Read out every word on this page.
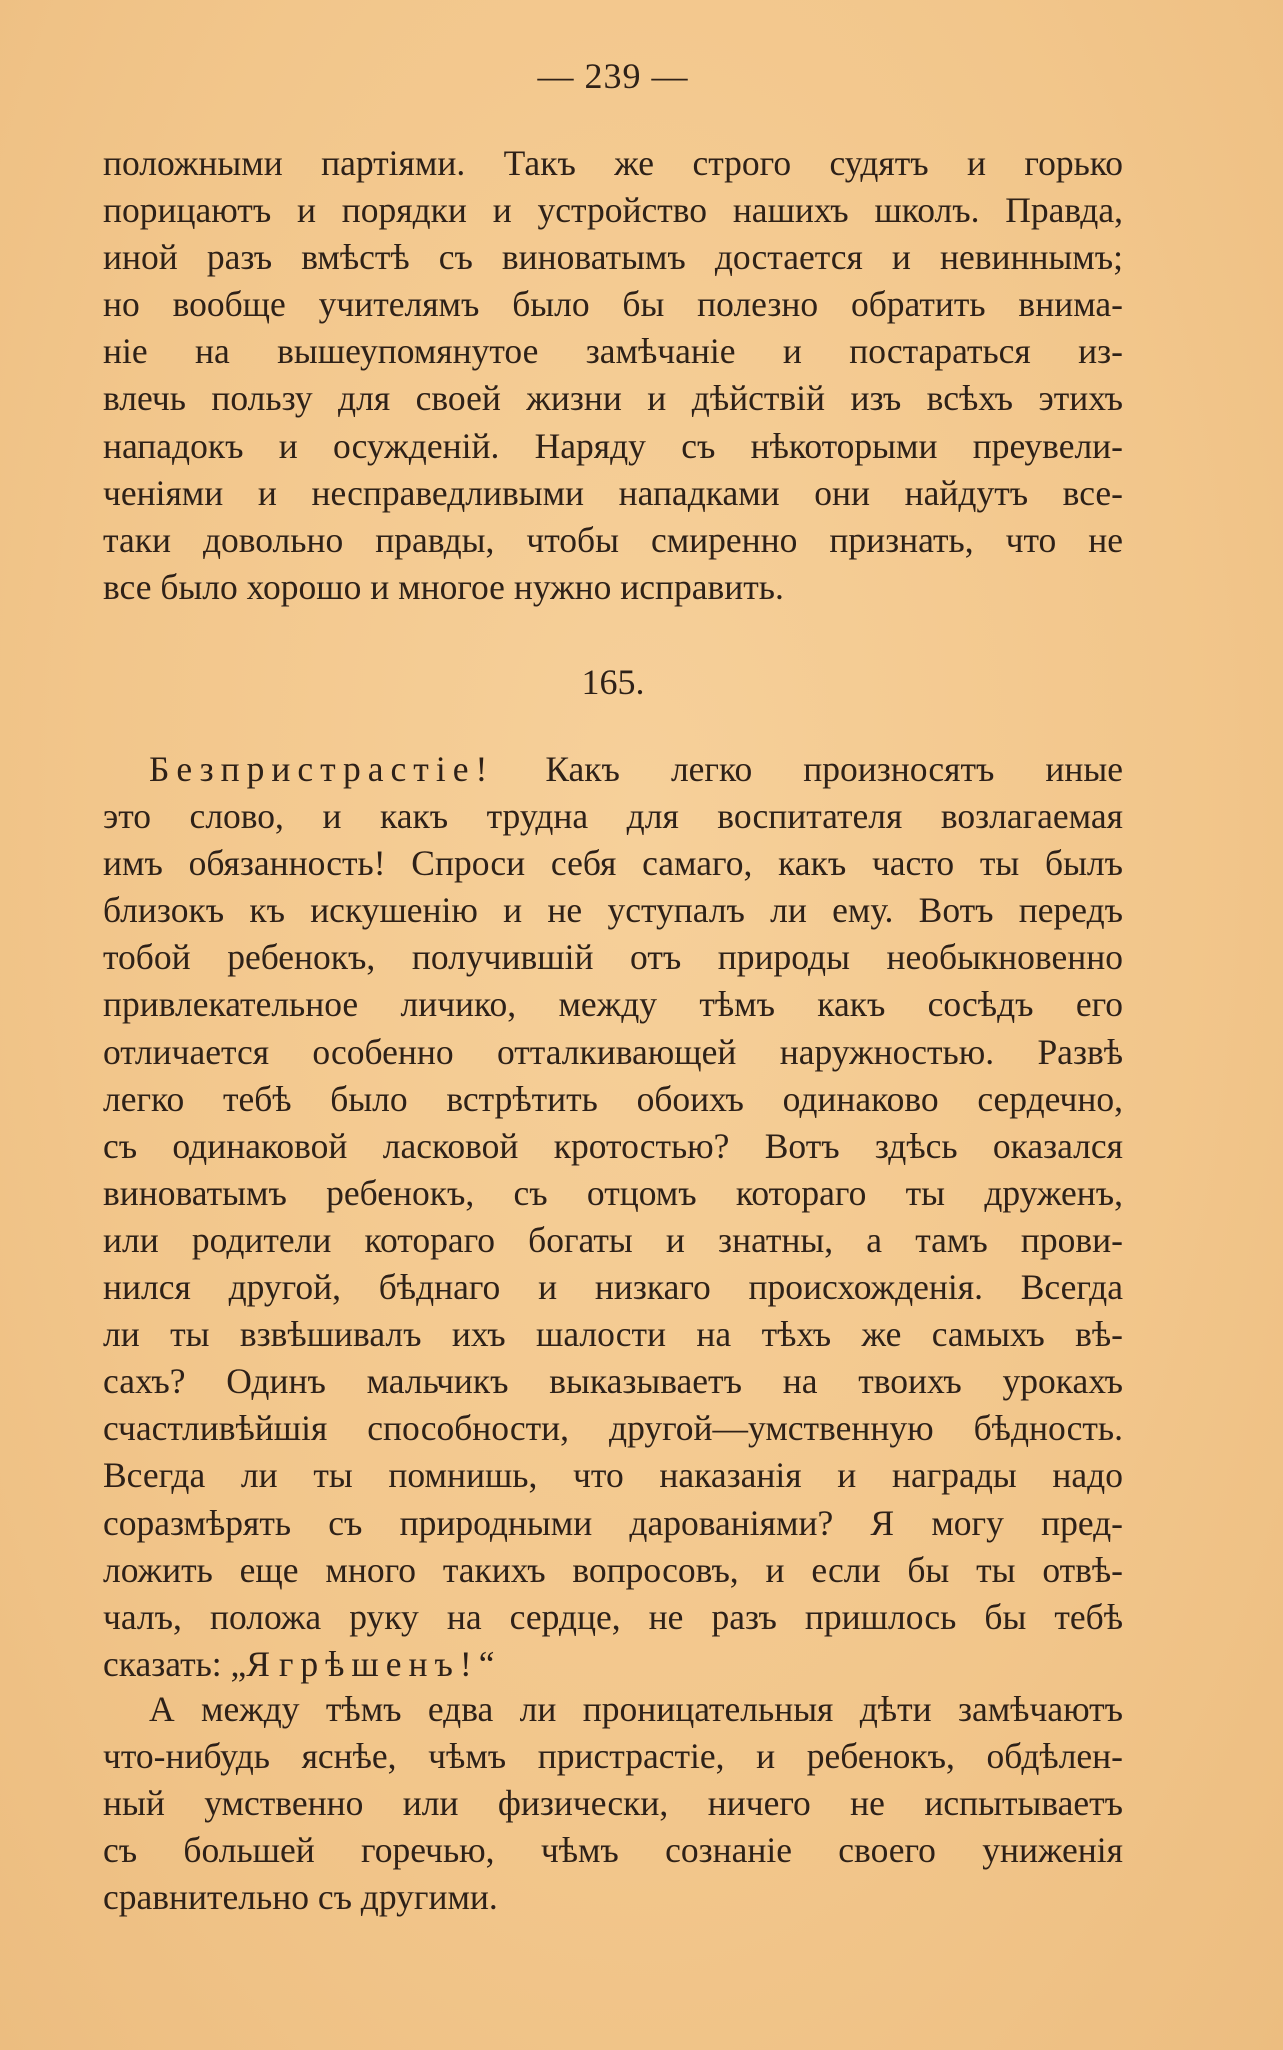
— 239 —
положными партіями. Такъ же строго судятъ и горько
порицаютъ и порядки и устройство нашихъ школъ. Правда,
иной разъ вмѣстѣ съ виноватымъ достается и невиннымъ;
но вообще учителямъ было бы полезно обратить внима-
ніе на вышеупомянутое замѣчаніе и постараться из-
влечь пользу для своей жизни и дѣйствій изъ всѣхъ этихъ
нападокъ и осужденій. Наряду съ нѣкоторыми преувели-
ченіями и несправедливыми нападками они найдутъ все-
таки довольно правды, чтобы смиренно признать, что не
все было хорошо и многое нужно исправить.
165.
Безпристрастіе! Какъ легко произносятъ иные
это слово, и какъ трудна для воспитателя возлагаемая
имъ обязанность! Спроси себя самаго, какъ часто ты былъ
близокъ къ искушенію и не уступалъ ли ему. Вотъ передъ
тобой ребенокъ, получившій отъ природы необыкновенно
привлекательное личико, между тѣмъ какъ сосѣдъ его
отличается особенно отталкивающей наружностью. Развѣ
легко тебѣ было встрѣтить обоихъ одинаково сердечно,
съ одинаковой ласковой кротостью? Вотъ здѣсь оказался
виноватымъ ребенокъ, съ отцомъ котораго ты друженъ,
или родители котораго богаты и знатны, а тамъ прови-
нился другой, бѣднаго и низкаго происхожденія. Всегда
ли ты взвѣшивалъ ихъ шалости на тѣхъ же самыхъ вѣ-
сахъ? Одинъ мальчикъ выказываетъ на твоихъ урокахъ
счастливѣйшія способности, другой—умственную бѣдность.
Всегда ли ты помнишь, что наказанія и награды надо
соразмѣрять съ природными дарованіями? Я могу пред-
ложить еще много такихъ вопросовъ, и если бы ты отвѣ-
чалъ, положа руку на сердце, не разъ пришлось бы тебѣ
сказать: „Я грѣшенъ!“
А между тѣмъ едва ли проницательныя дѣти замѣчаютъ
что-нибудь яснѣе, чѣмъ пристрастіе, и ребенокъ, обдѣлен-
ный умственно или физически, ничего не испытываетъ
съ большей горечью, чѣмъ сознаніе своего униженія
сравнительно съ другими.
